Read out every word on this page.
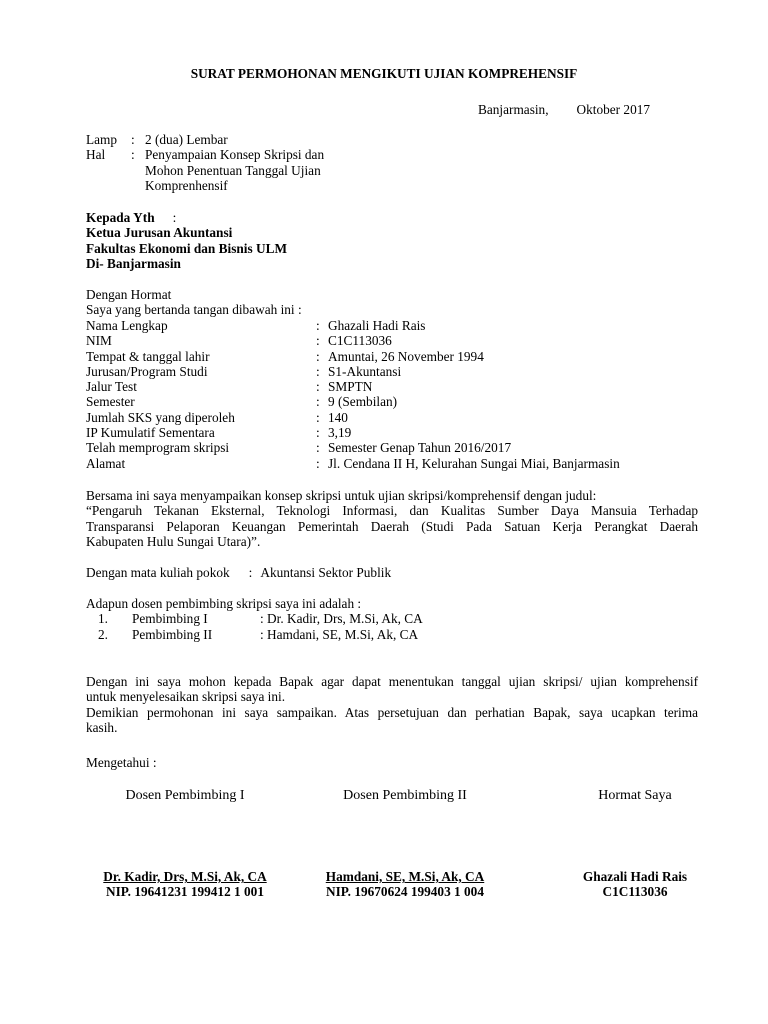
SURAT PERMOHONAN MENGIKUTI UJIAN KOMPREHENSIF
Banjarmasin, Oktober 2017
Lamp	: 2 (dua) Lembar
Hal	: Penyampaian Konsep Skripsi dan
Mohon Penentuan Tanggal Ujian
Komprenhensif
Kepada Yth :
Ketua Jurusan Akuntansi
Fakultas Ekonomi dan Bisnis ULM
Di- Banjarmasin
Dengan Hormat
Saya yang bertanda tangan dibawah ini :
Nama Lengkap	: Ghazali Hadi Rais
NIM	: C1C113036
Tempat & tanggal lahir	: Amuntai, 26 November 1994
Jurusan/Program Studi	: S1-Akuntansi
Jalur Test	: SMPTN
Semester	: 9 (Sembilan)
Jumlah SKS yang diperoleh	: 140
IP Kumulatif Sementara	: 3,19
Telah memprogram skripsi	: Semester Genap Tahun 2016/2017
Alamat	: Jl. Cendana II H, Kelurahan Sungai Miai, Banjarmasin
Bersama ini saya menyampaikan konsep skripsi untuk ujian skripsi/komprehensif dengan judul:
“Pengaruh Tekanan Eksternal, Teknologi Informasi, dan Kualitas Sumber Daya Mansuia Terhadap
Transparansi Pelaporan Keuangan Pemerintah Daerah (Studi Pada Satuan Kerja Perangkat Daerah
Kabupaten Hulu Sungai Utara)”.
Dengan mata kuliah pokok : Akuntansi Sektor Publik
Adapun dosen pembimbing skripsi saya ini adalah :
1.	Pembimbing I	: Dr. Kadir, Drs, M.Si, Ak, CA
2.	Pembimbing II	: Hamdani, SE, M.Si, Ak, CA
Dengan ini saya mohon kepada Bapak agar dapat menentukan tanggal ujian skripsi/ ujian komprehensif
untuk menyelesaikan skripsi saya ini.
Demikian permohonan ini saya sampaikan. Atas persetujuan dan perhatian Bapak, saya ucapkan terima
kasih.
Mengetahui :
Dosen Pembimbing I	Dosen Pembimbing II	Hormat Saya
Dr. Kadir, Drs, M.Si, Ak, CA
NIP. 19641231 199412 1 001
Hamdani, SE, M.Si, Ak, CA
NIP. 19670624 199403 1 004
Ghazali Hadi Rais
C1C113036
